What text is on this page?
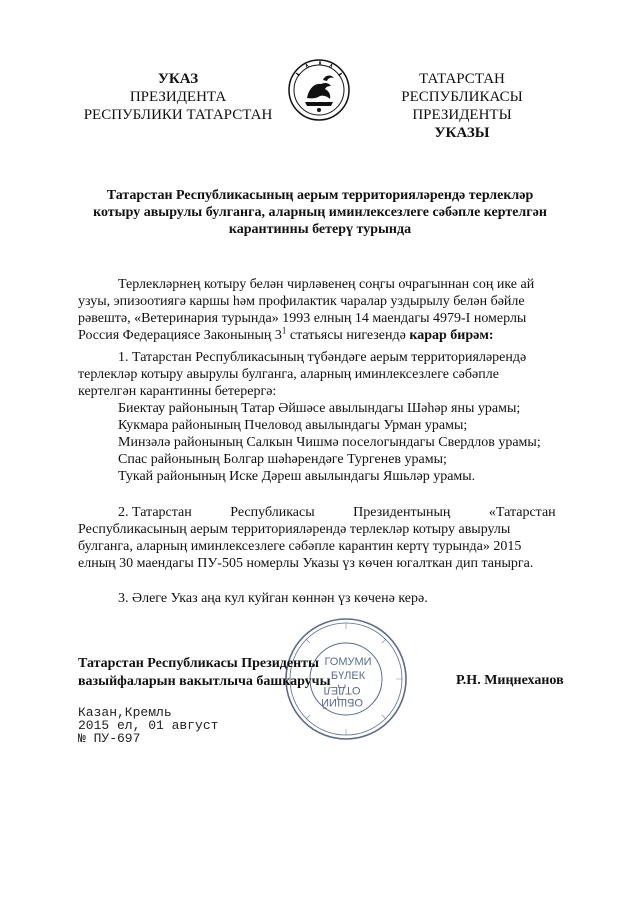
УКАЗ
ПРЕЗИДЕНТА
РЕСПУБЛИКИ ТАТАРСТАН
ТАТАРСТАН РЕСПУБЛИКАСЫ
ПРЕЗИДЕНТЫ
УКАЗЫ
Татарстан Республикасының аерым территорияләрендә терлекләр
котыру авырулы булганга, аларның иминлексезлеге сәбәпле кертелгән
карантинны бетерү турында
Терлекләрнең котыру белән чирләвенең соңгы очрагыннан соң ике ай
узуы, эпизоотиягә каршы һәм профилактик чаралар уздырылу белән бәйле
рәвештә, «Ветеринария турында» 1993 елның 14 маендагы 4979-I номерлы
Россия Федерациясе Законының $3^1$ статьясы нигезендә карар бирәм:
1. Татарстан Республикасының түбәндәге аерым территорияләрендә
терлекләр котыру авырулы булганга, аларның иминлексезлеге сәбәпле
кертелгән карантинны бетерергә:
Биектау районының Татар Әйшәсе авылындагы Шәһәр яны урамы;
Кукмара районының Пчеловод авылындагы Урман урамы;
Минзәлә районының Салкын Чишмә поселогындагы Свердлов урамы;
Спас районының Болгар шәһәрендәге Тургенев урамы;
Тукай районының Иске Дәреш авылындагы Яшьләр урамы.
2. Татарстан           Республикасы           Президентының           «Татарстан
Республикасының аерым территорияләрендә терлекләр котыру авырулы
булганга, аларның иминлексезлеге сәбәпле карантин кертү турында» 2015
елның 30 маендагы ПУ-505 номерлы Указы үз көчен югалткан дип танырга.
3. Әлеге Указ аңа кул куйган көннән үз көченә керә.
ГОМУМИ
БҮЛЕК
ОТДЕЛ
ОБЩИЙ
Татарстан Республикасы Президенты
вазыйфаларын вакытлыча башкаручы	Р.Н. Миңнеханов
Казан,Кремль
2015 ел, 01 август
№ ПУ-697
